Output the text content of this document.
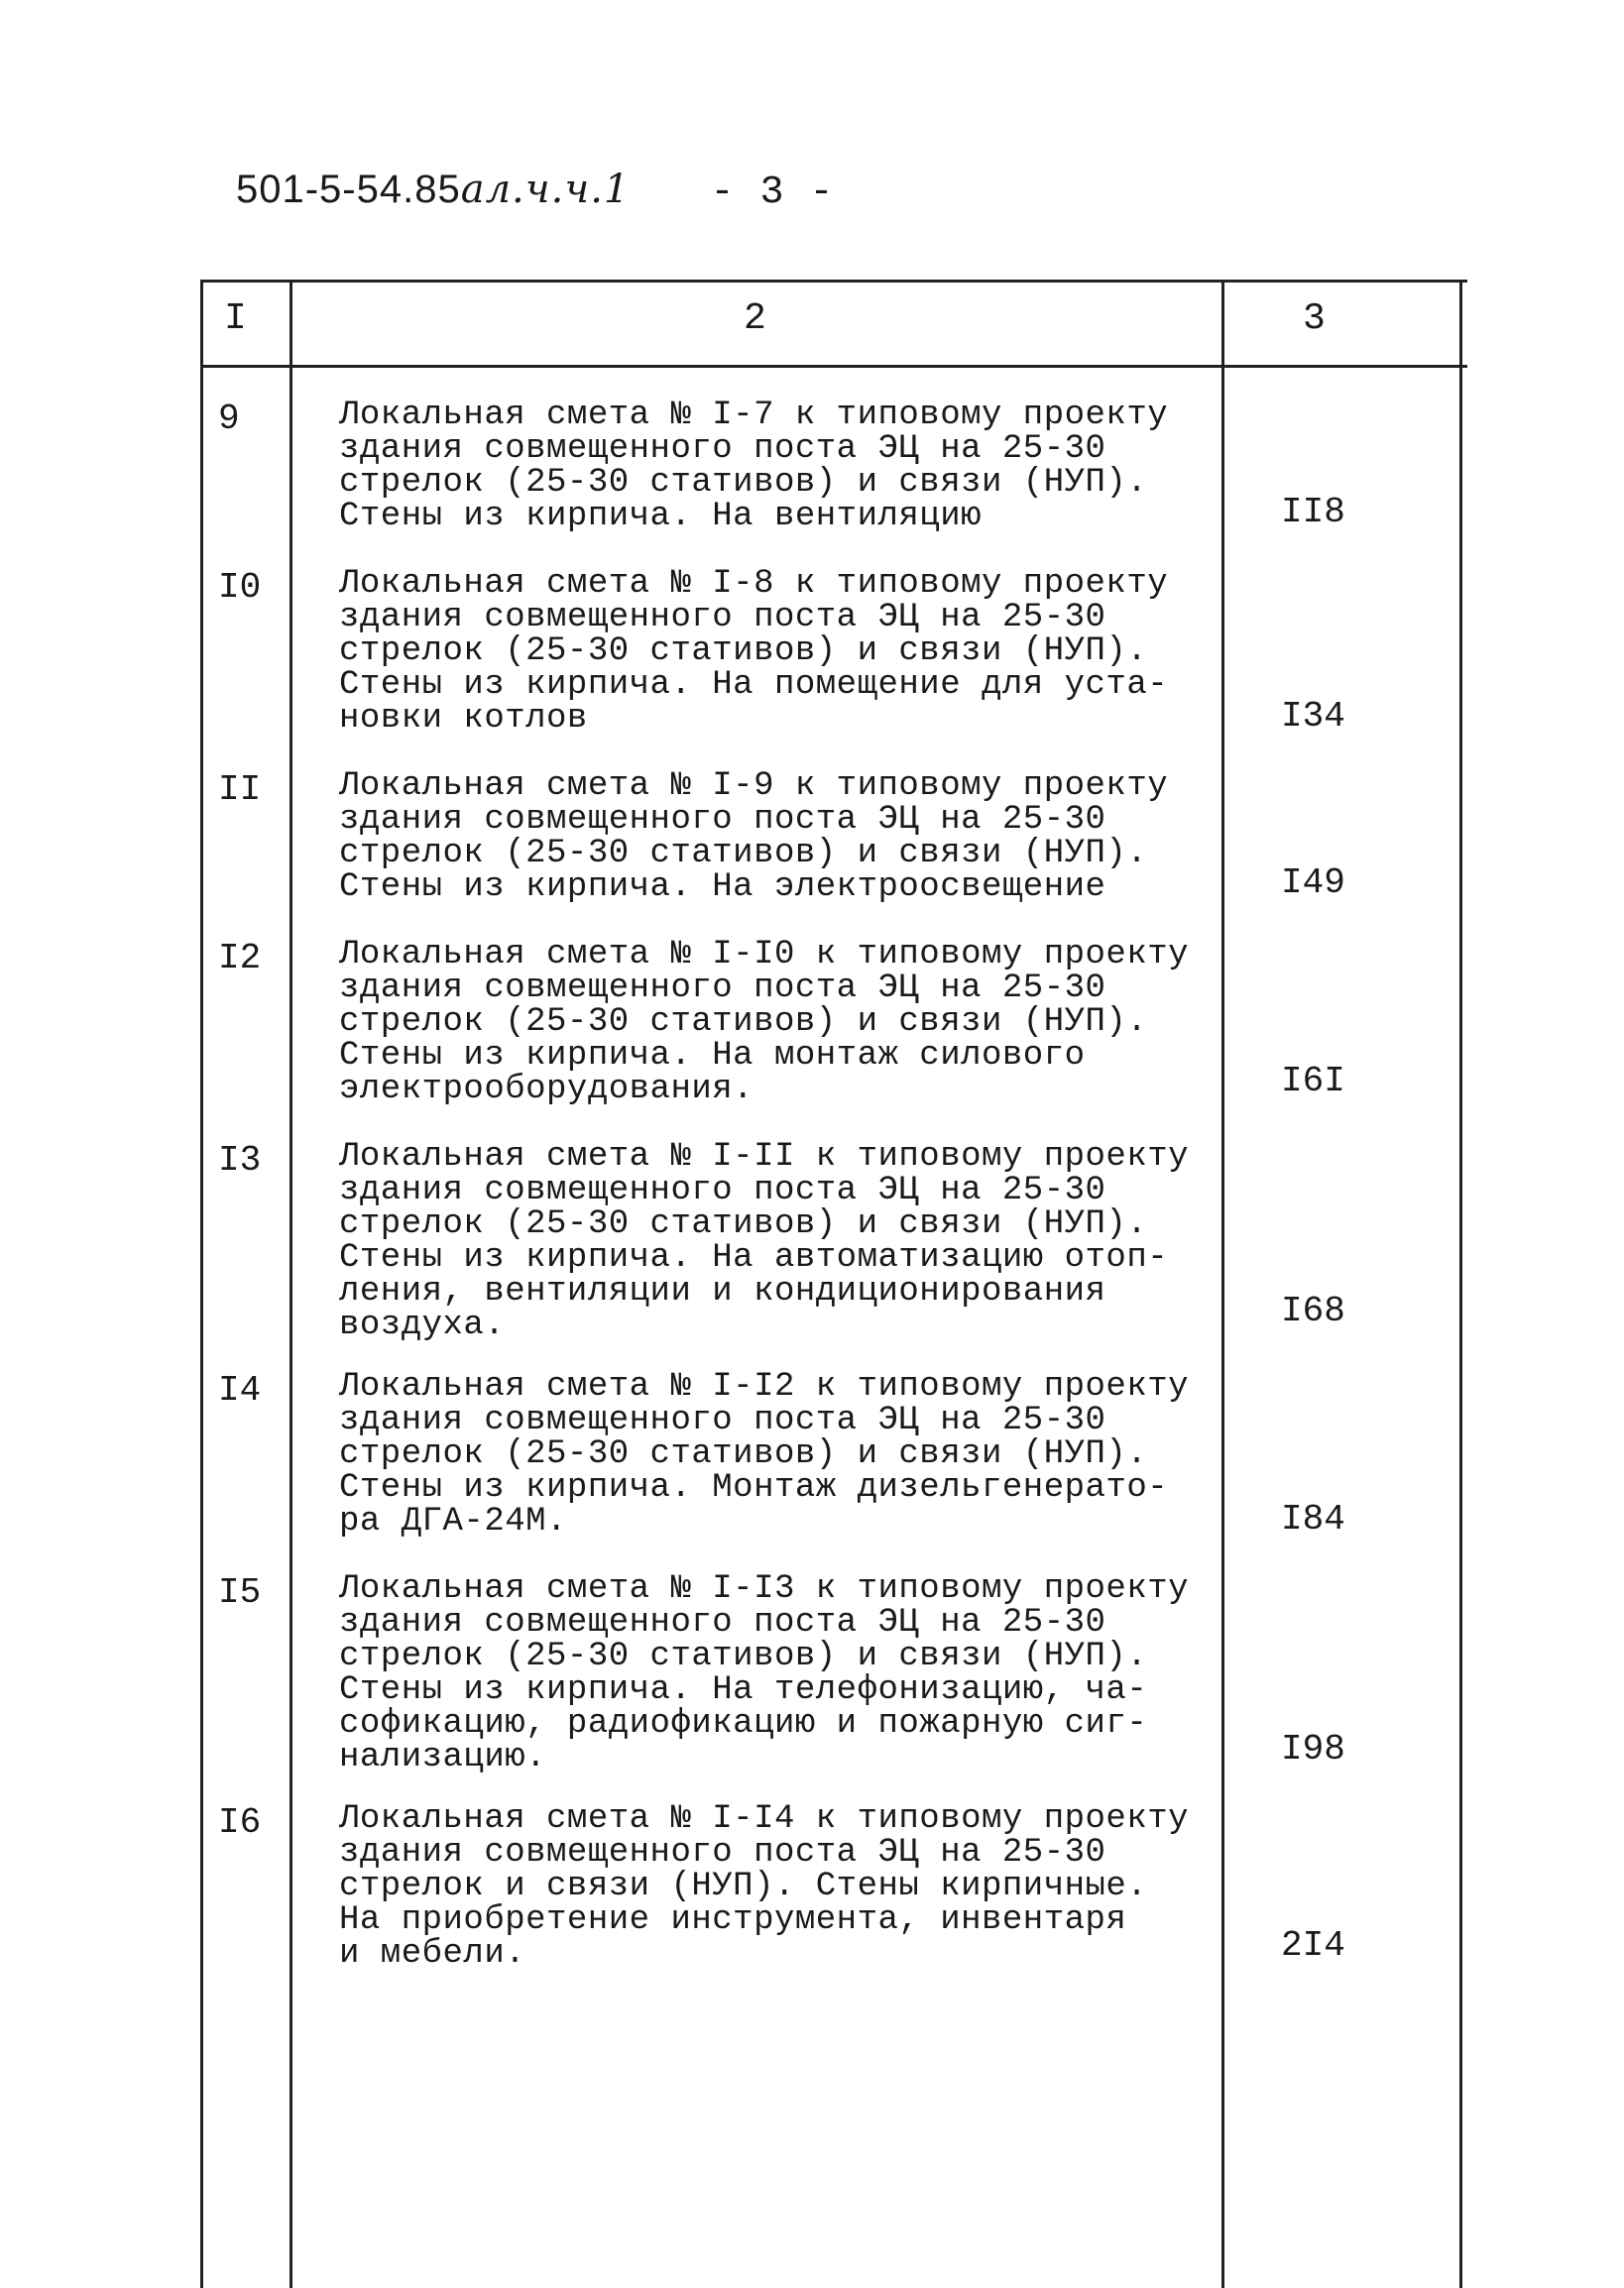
501-5-54.85ал.ч.ч.1 - 3 -
I	2	3
9	Локальная смета № I-7 к типовому проекту
здания совмещенного поста ЭЦ на 25-30
стрелок (25-30 стативов) и связи (НУП).
Стены из кирпича. На вентиляцию	II8
I0 Локальная смета № I-8 к типовому проекту
здания совмещенного поста ЭЦ на 25-30
стрелок (25-30 стативов) и связи (НУП).
Стены из кирпича. На помещение для уста-
новки котлов	I34
II Локальная смета № I-9 к типовому проекту
здания совмещенного поста ЭЦ на 25-30
стрелок (25-30 стативов) и связи (НУП).
Стены из кирпича. На электроосвещение	I49
I2 Локальная смета № I-I0 к типовому проекту
здания совмещенного поста ЭЦ на 25-30
стрелок (25-30 стативов) и связи (НУП).
Стены из кирпича. На монтаж силового
электрооборудования.	I6I
I3 Локальная смета № I-II к типовому проекту
здания совмещенного поста ЭЦ на 25-30
стрелок (25-30 стативов) и связи (НУП).
Стены из кирпича. На автоматизацию отоп-
ления, вентиляции и кондиционирования
воздуха.	I68
I4 Локальная смета № I-I2 к типовому проекту
здания совмещенного поста ЭЦ на 25-30
стрелок (25-30 стативов) и связи (НУП).
Стены из кирпича. Монтаж дизельгенерато-
ра ДГА-24М.	I84
I5 Локальная смета № I-I3 к типовому проекту
здания совмещенного поста ЭЦ на 25-30
стрелок (25-30 стативов) и связи (НУП).
Стены из кирпича. На телефонизацию, ча-
софикацию, радиофикацию и пожарную сиг-
нализацию.	I98
I6 Локальная смета № I-I4 к типовому проекту
здания совмещенного поста ЭЦ на 25-30
стрелок и связи (НУП). Стены кирпичные.
На приобретение инструмента, инвентаря
и мебели.	2I4
